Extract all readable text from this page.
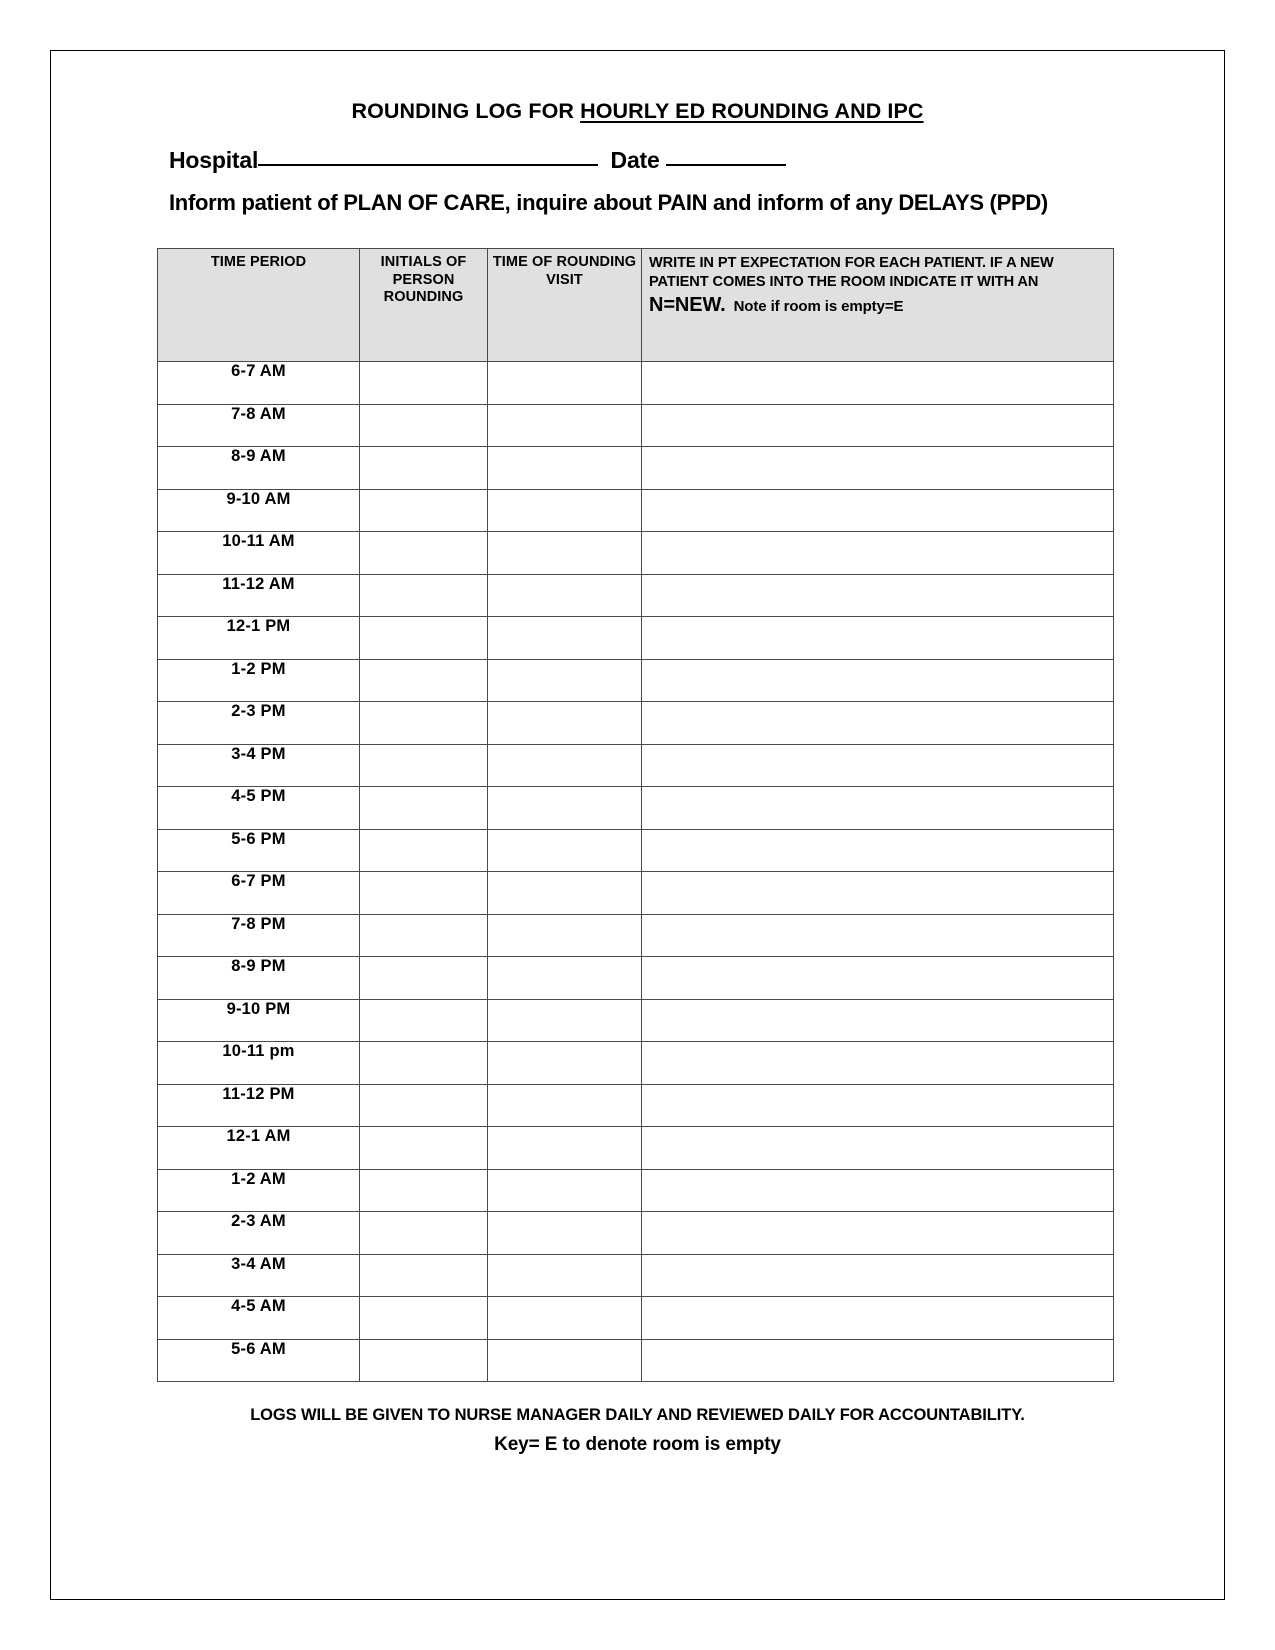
ROUNDING LOG FOR HOURLY ED ROUNDING AND IPC
Hospital	Date
Inform patient of PLAN OF CARE, inquire about PAIN and inform of any DELAYS (PPD)
TIME PERIOD	INITIALS OF PERSON ROUNDING	TIME OF ROUNDING VISIT	WRITE IN PT EXPECTATION FOR EACH PATIENT. IF A NEW PATIENT COMES INTO THE ROOM INDICATE IT WITH AN N=NEW. Note if room is empty=E

6-7 AM			
7-8 AM			
8-9 AM			
9-10 AM			
10-11 AM			
11-12 AM			
12-1 PM			
1-2 PM			
2-3 PM			
3-4 PM			
4-5 PM			
5-6 PM			
6-7 PM			
7-8 PM			
8-9 PM			
9-10 PM			
10-11 pm			
11-12 PM			
12-1 AM			
1-2 AM			
2-3 AM			
3-4 AM			
4-5 AM			
5-6 AM			
LOGS WILL BE GIVEN TO NURSE MANAGER DAILY AND REVIEWED DAILY FOR ACCOUNTABILITY.
Key= E to denote room is empty
